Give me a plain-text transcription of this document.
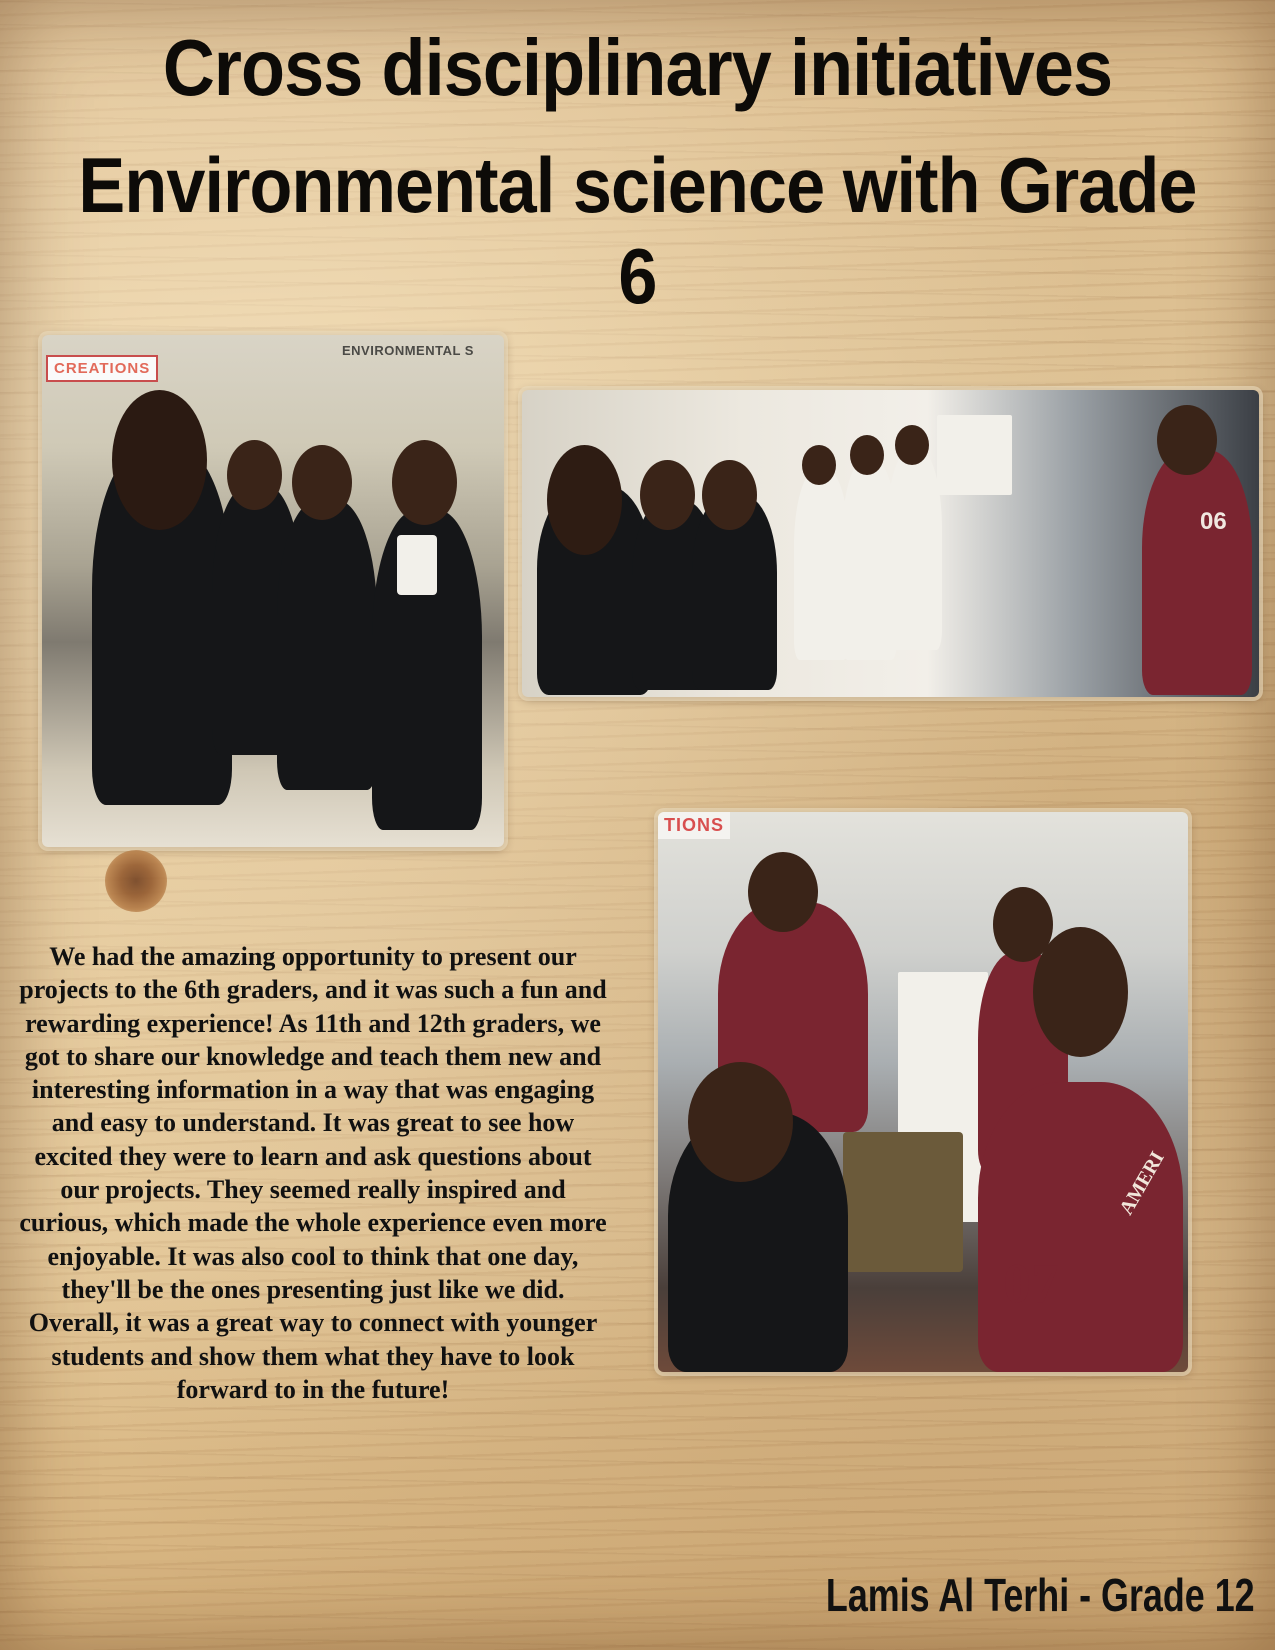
Cross disciplinary initiatives
Environmental science with Grade 6
ENVIRONMENTAL S
CREATIONS
06
TIONS
07
AMERI

We had the amazing opportunity to present our projects to the 6th graders, and it was such a fun and rewarding experience! As 11th and 12th graders, we got to share our knowledge and teach them new and interesting information in a way that was engaging and easy to understand. It was great to see how excited they were to learn and ask questions about our projects. They seemed really inspired and curious, which made the whole experience even more enjoyable. It was also cool to think that one day, they'll be the ones presenting just like we did. Overall, it was a great way to connect with younger students and show them what they have to look forward to in the future!

Lamis Al Terhi - Grade 12
